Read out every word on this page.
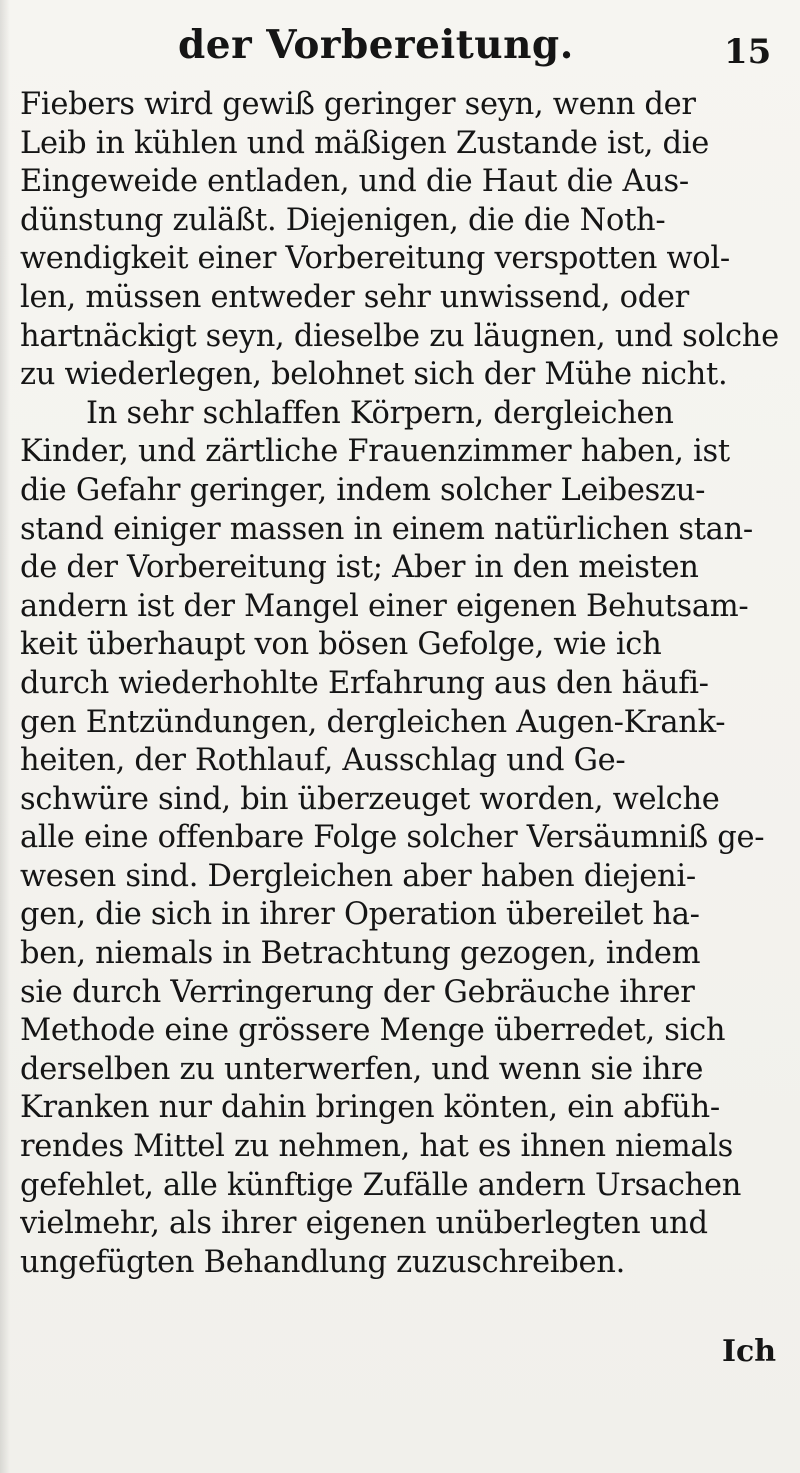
der Vorbereitung.	15
Fiebers wird gewiß geringer seyn, wenn der
Leib in kühlen und mäßigen Zustande ist, die
Eingeweide entladen, und die Haut die Aus-
dünstung zuläßt. Diejenigen, die die Noth-
wendigkeit einer Vorbereitung verspotten wol-
len, müssen entweder sehr unwissend, oder
hartnäckigt seyn, dieselbe zu läugnen, und solche
zu wiederlegen, belohnet sich der Mühe nicht.
In sehr schlaffen Körpern, dergleichen
Kinder, und zärtliche Frauenzimmer haben, ist
die Gefahr geringer, indem solcher Leibeszu-
stand einiger massen in einem natürlichen stan-
de der Vorbereitung ist; Aber in den meisten
andern ist der Mangel einer eigenen Behutsam-
keit überhaupt von bösen Gefolge, wie ich
durch wiederhohlte Erfahrung aus den häufi-
gen Entzündungen, dergleichen Augen-Krank-
heiten, der Rothlauf, Ausschlag und Ge-
schwüre sind, bin überzeuget worden, welche
alle eine offenbare Folge solcher Versäumniß ge-
wesen sind. Dergleichen aber haben diejeni-
gen, die sich in ihrer Operation übereilet ha-
ben, niemals in Betrachtung gezogen, indem
sie durch Verringerung der Gebräuche ihrer
Methode eine grössere Menge überredet, sich
derselben zu unterwerfen, und wenn sie ihre
Kranken nur dahin bringen könten, ein abfüh-
rendes Mittel zu nehmen, hat es ihnen niemals
gefehlet, alle künftige Zufälle andern Ursachen
vielmehr, als ihrer eigenen unüberlegten und
ungefügten Behandlung zuzuschreiben.
Ich
